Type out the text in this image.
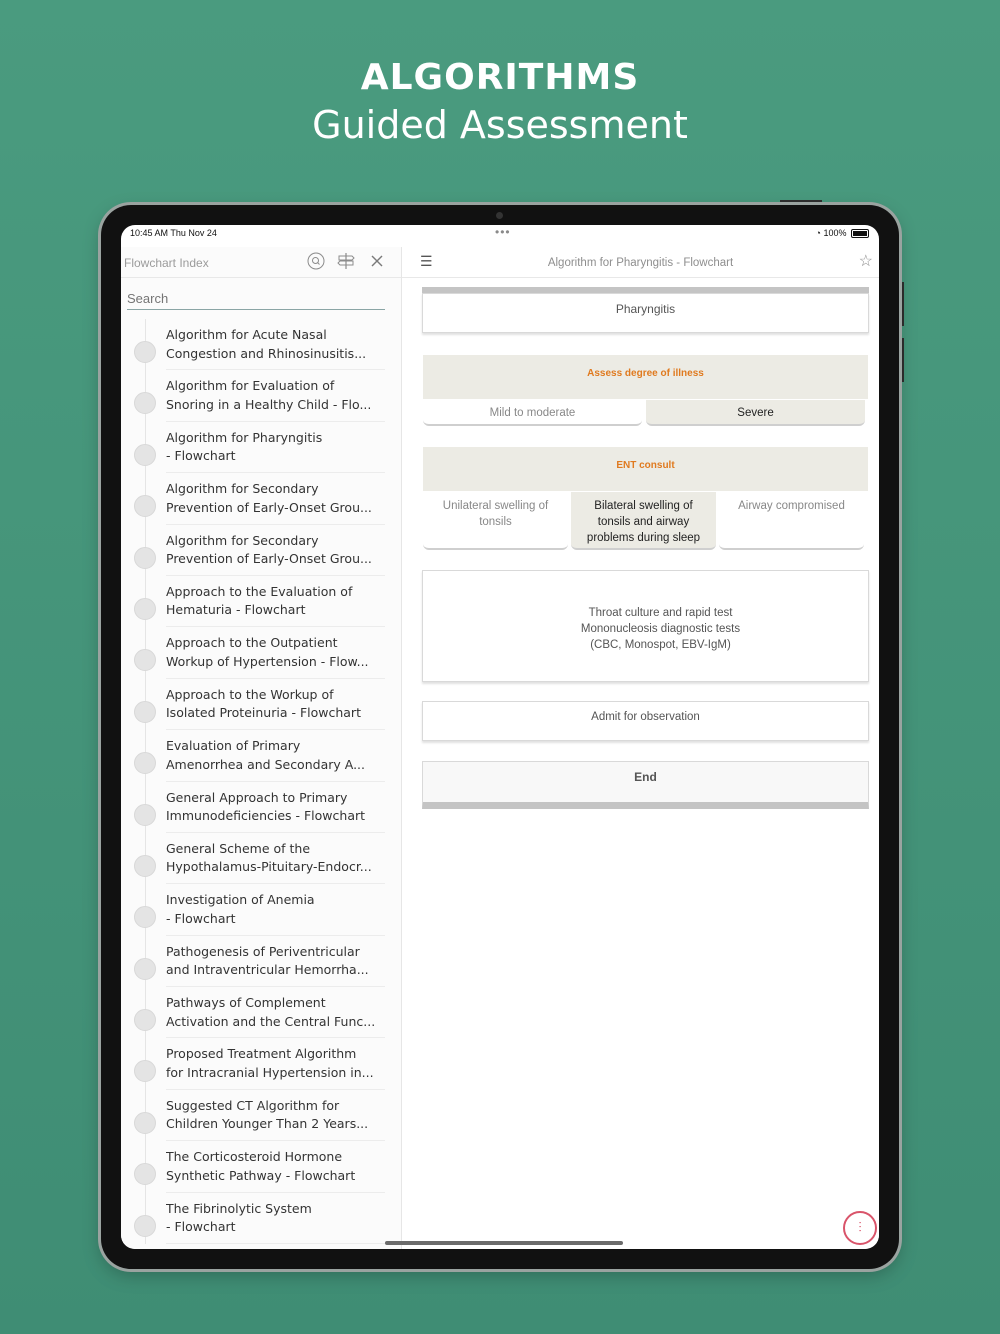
ALGORITHMS
Guided Assessment
10:45 AM Thu Nov 24	•••	◔ 100%
Flowchart Index
Search
Algorithm for Acute Nasal
Congestion and Rhinosinusitis...
Algorithm for Evaluation of
Snoring in a Healthy Child - Flo...
Algorithm for Pharyngitis
- Flowchart
Algorithm for Secondary
Prevention of Early-Onset Grou...
Algorithm for Secondary
Prevention of Early-Onset Grou...
Approach to the Evaluation of
Hematuria - Flowchart
Approach to the Outpatient
Workup of Hypertension - Flow...
Approach to the Workup of
Isolated Proteinuria - Flowchart
Evaluation of Primary
Amenorrhea and Secondary A...
General Approach to Primary
Immunodeficiencies - Flowchart
General Scheme of the
Hypothalamus-Pituitary-Endocr...
Investigation of Anemia
- Flowchart
Pathogenesis of Periventricular
and Intraventricular Hemorrha...
Pathways of Complement
Activation and the Central Func...
Proposed Treatment Algorithm
for Intracranial Hypertension in...
Suggested CT Algorithm for
Children Younger Than 2 Years...
The Corticosteroid Hormone
Synthetic Pathway - Flowchart
The Fibrinolytic System
- Flowchart
☰	Algorithm for Pharyngitis - Flowchart	☆
Pharyngitis
Assess degree of illness
Mild to moderate	Severe
ENT consult
Unilateral swelling of tonsils
Bilateral swelling of tonsils and airway problems during sleep
Airway compromised
Throat culture and rapid test
Mononucleosis diagnostic tests
(CBC, Monospot, EBV-IgM)
Admit for observation
End
⫶
